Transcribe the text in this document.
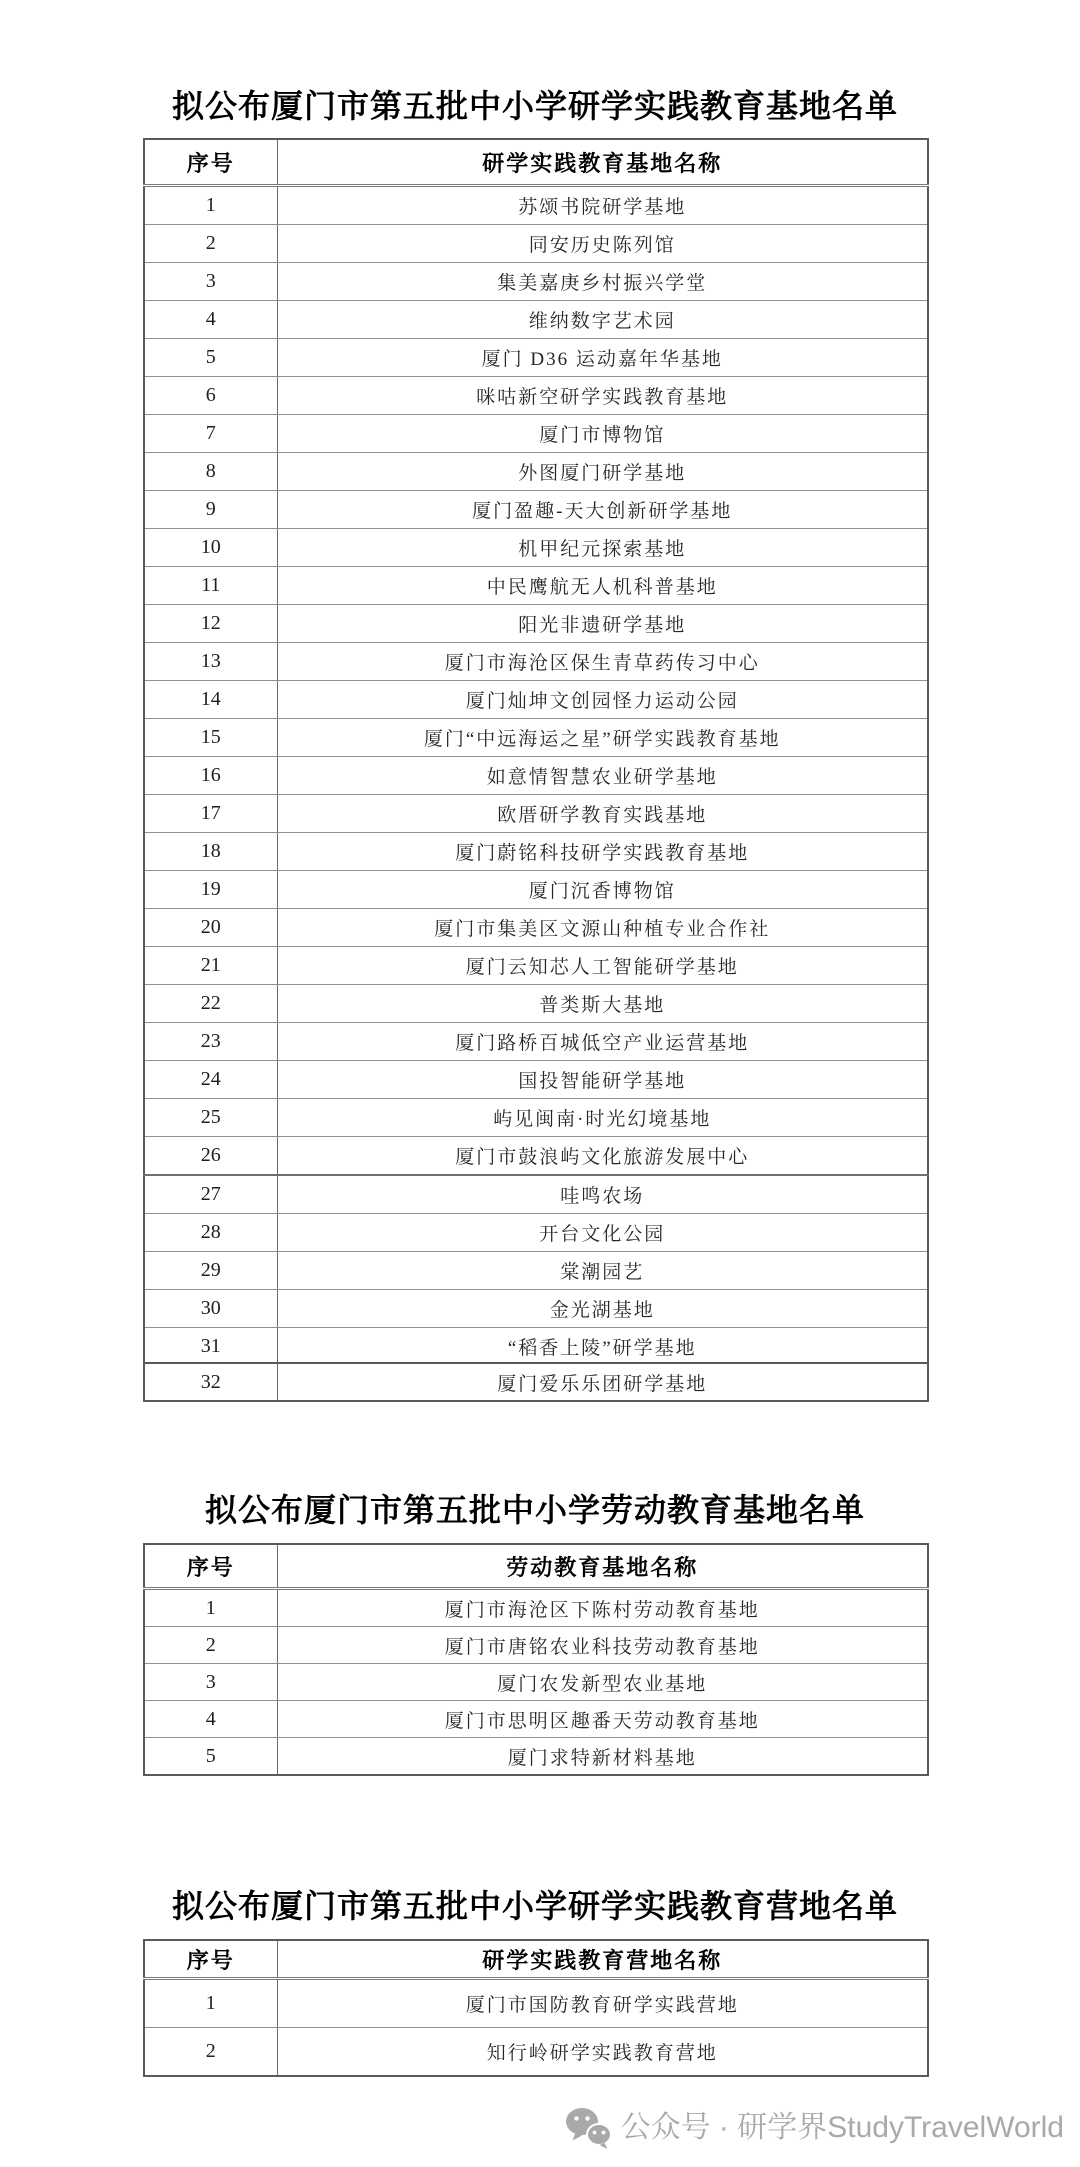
拟公布厦门市第五批中小学研学实践教育基地名单
序号	研学实践教育基地名称
1	苏颂书院研学基地
2	同安历史陈列馆
3	集美嘉庚乡村振兴学堂
4	维纳数字艺术园
5	厦门 D36 运动嘉年华基地
6	咪咕新空研学实践教育基地
7	厦门市博物馆
8	外图厦门研学基地
9	厦门盈趣-天大创新研学基地
10	机甲纪元探索基地
11	中民鹰航无人机科普基地
12	阳光非遗研学基地
13	厦门市海沧区保生青草药传习中心
14	厦门灿坤文创园怪力运动公园
15	厦门“中远海运之星”研学实践教育基地
16	如意情智慧农业研学基地
17	欧厝研学教育实践基地
18	厦门蔚铭科技研学实践教育基地
19	厦门沉香博物馆
20	厦门市集美区文源山种植专业合作社
21	厦门云知芯人工智能研学基地
22	普类斯大基地
23	厦门路桥百城低空产业运营基地
24	国投智能研学基地
25	屿见闽南·时光幻境基地
26	厦门市鼓浪屿文化旅游发展中心
27	哇鸣农场
28	开台文化公园
29	棠潮园艺
30	金光湖基地
31	“稻香上陵”研学基地
32	厦门爱乐乐团研学基地
拟公布厦门市第五批中小学劳动教育基地名单
序号	劳动教育基地名称
1	厦门市海沧区下陈村劳动教育基地
2	厦门市唐铭农业科技劳动教育基地
3	厦门农发新型农业基地
4	厦门市思明区趣番天劳动教育基地
5	厦门求特新材料基地
拟公布厦门市第五批中小学研学实践教育营地名单
序号	研学实践教育营地名称
1	厦门市国防教育研学实践营地
2	知行岭研学实践教育营地
公众号 · 研学界StudyTravelWorld
